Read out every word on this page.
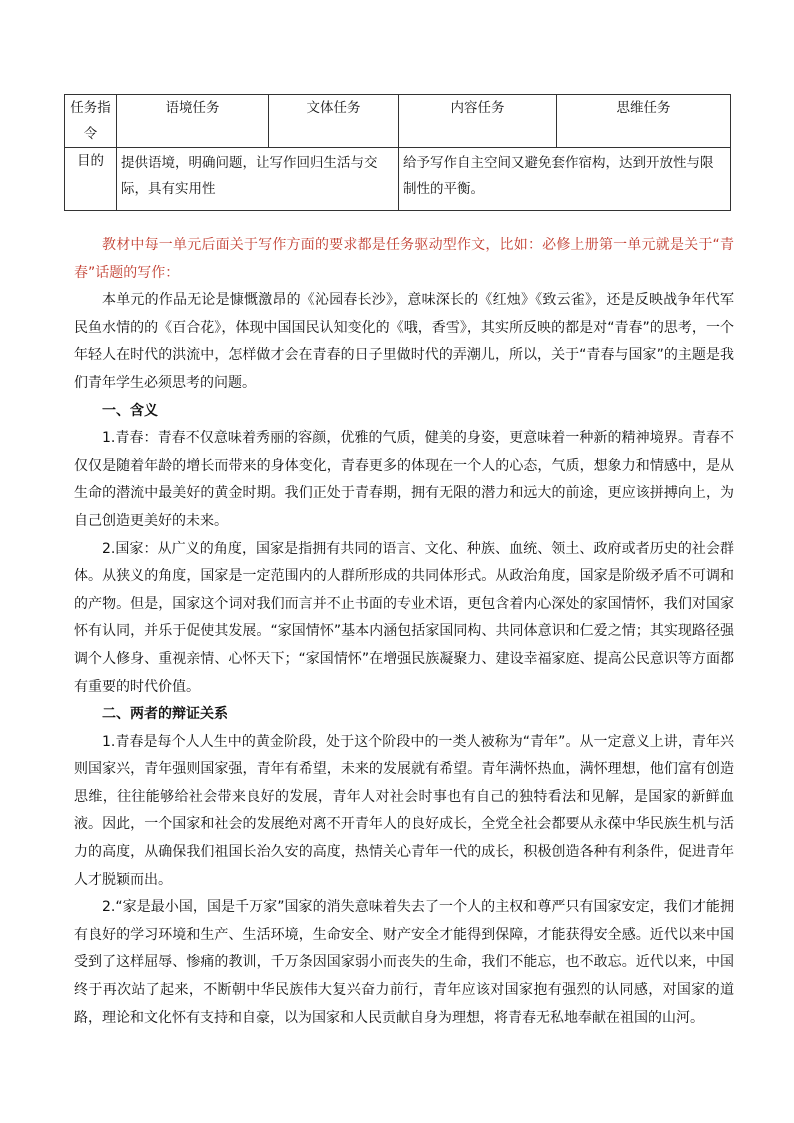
任务指令	语境任务	文体任务	内容任务	思维任务
目的	提供语境，明确问题，让写作回归生活与交际，具有实用性		给予写作自主空间又避免套作宿构，达到开放性与限制性的平衡。	

教材中每一单元后面关于写作方面的要求都是任务驱动型作文，比如：必修上册第一单元就是关于“青春”话题的写作：

本单元的作品无论是慷慨激昂的《沁园春长沙》，意味深长的《红烛》《致云雀》，还是反映战争年代军民鱼水情的的《百合花》，体现中国国民认知变化的《哦，香雪》，其实所反映的都是对“青春”的思考，一个年轻人在时代的洪流中，怎样做才会在青春的日子里做时代的弄潮儿，所以，关于“青春与国家”的主题是我们青年学生必须思考的问题。

一、含义

1.青春：青春不仅意味着秀丽的容颜，优雅的气质，健美的身姿，更意味着一种新的精神境界。青春不仅仅是随着年龄的增长而带来的身体变化，青春更多的体现在一个人的心态，气质，想象力和情感中，是从生命的潜流中最美好的黄金时期。我们正处于青春期，拥有无限的潜力和远大的前途，更应该拼搏向上，为自己创造更美好的未来。

2.国家：从广义的角度，国家是指拥有共同的语言、文化、种族、血统、领土、政府或者历史的社会群体。从狭义的角度，国家是一定范围内的人群所形成的共同体形式。从政治角度，国家是阶级矛盾不可调和的产物。但是，国家这个词对我们而言并不止书面的专业术语，更包含着内心深处的家国情怀，我们对国家怀有认同，并乐于促使其发展。“家国情怀”基本内涵包括家国同构、共同体意识和仁爱之情；其实现路径强调个人修身、重视亲情、心怀天下；“家国情怀”在增强民族凝聚力、建设幸福家庭、提高公民意识等方面都有重要的时代价值。

二、两者的辩证关系

1.青春是每个人人生中的黄金阶段，处于这个阶段中的一类人被称为“青年”。从一定意义上讲，青年兴则国家兴，青年强则国家强，青年有希望，未来的发展就有希望。青年满怀热血，满怀理想，他们富有创造思维，往往能够给社会带来良好的发展，青年人对社会时事也有自己的独特看法和见解，是国家的新鲜血液。因此，一个国家和社会的发展绝对离不开青年人的良好成长，全党全社会都要从永葆中华民族生机与活力的高度，从确保我们祖国长治久安的高度，热情关心青年一代的成长，积极创造各种有利条件，促进青年人才脱颖而出。

2.“家是最小国，国是千万家”国家的消失意味着失去了一个人的主权和尊严只有国家安定，我们才能拥有良好的学习环境和生产、生活环境，生命安全、财产安全才能得到保障，才能获得安全感。近代以来中国受到了这样屈辱、惨痛的教训，千万条因国家弱小而丧失的生命，我们不能忘，也不敢忘。近代以来，中国终于再次站了起来，不断朝中华民族伟大复兴奋力前行，青年应该对国家抱有强烈的认同感，对国家的道路，理论和文化怀有支持和自豪，以为国家和人民贡献自身为理想，将青春无私地奉献在祖国的山河。
